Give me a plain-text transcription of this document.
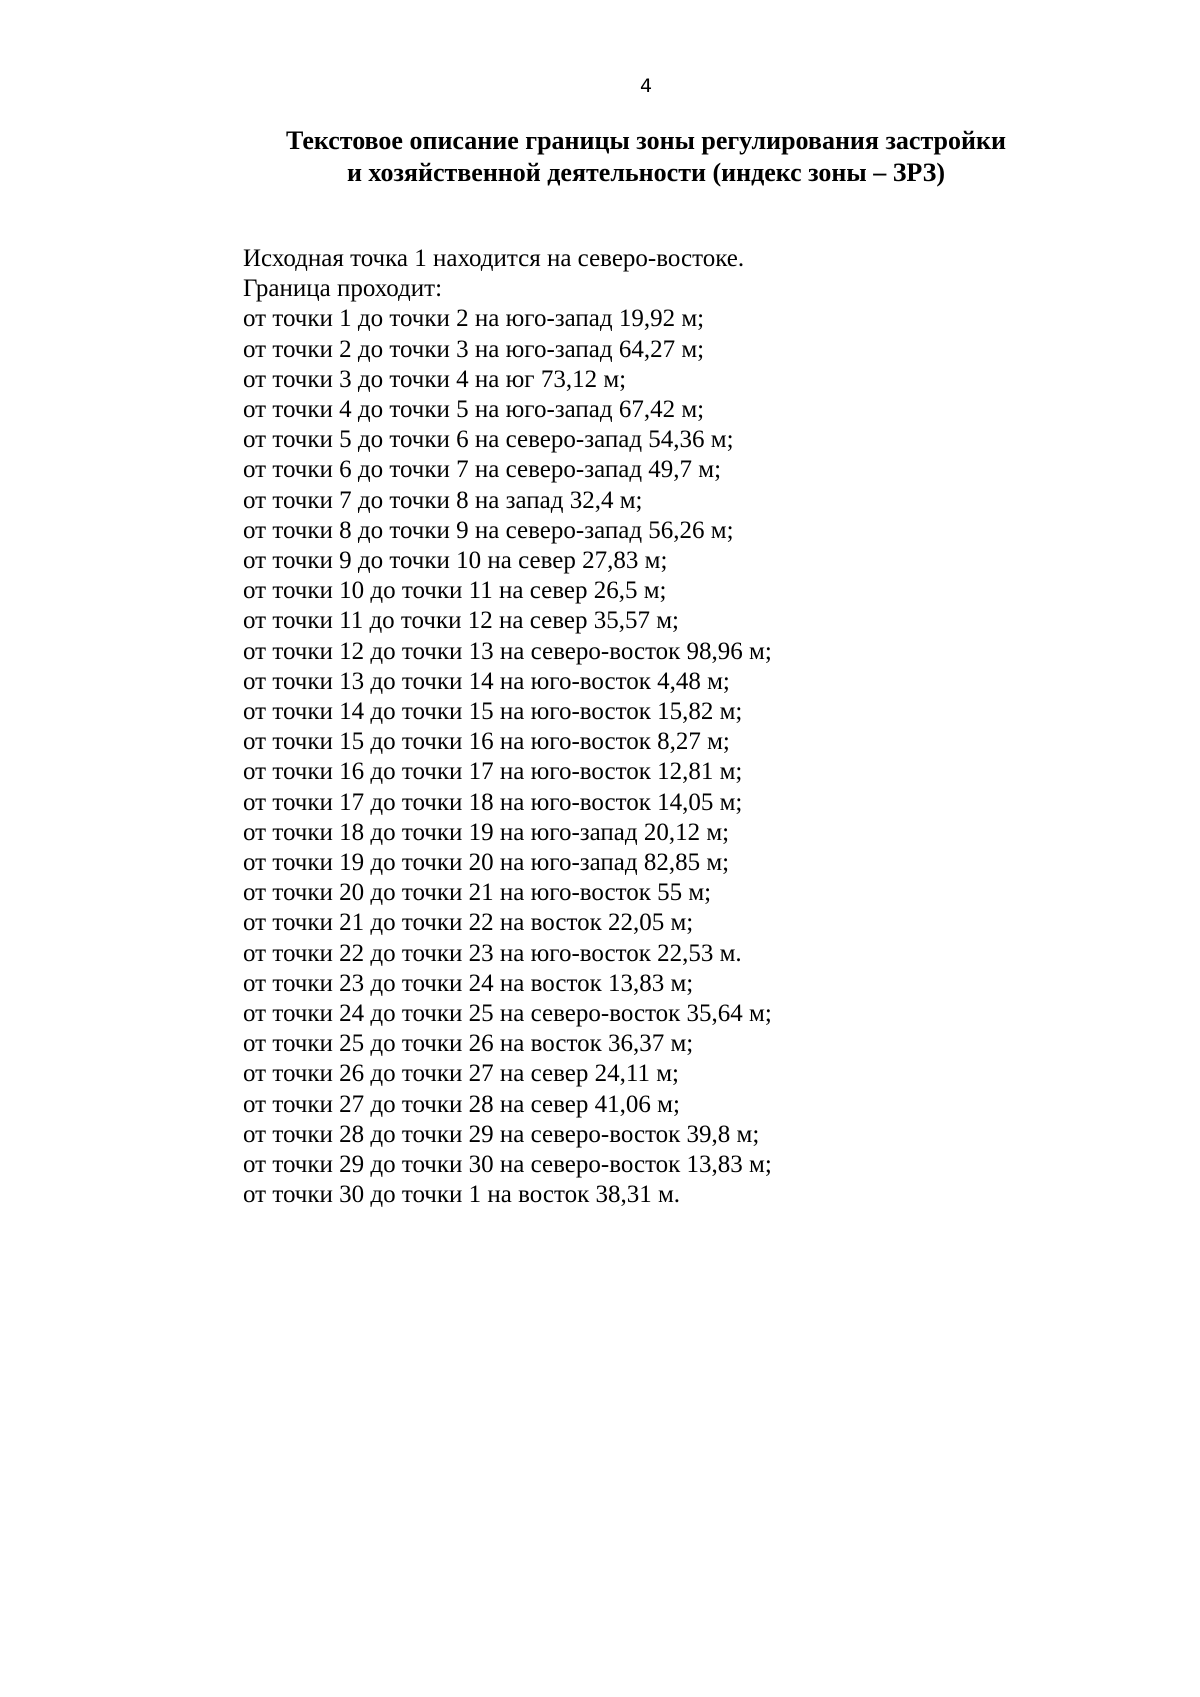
4
Текстовое описание границы зоны регулирования застройки
и хозяйственной деятельности (индекс зоны – ЗРЗ)
Исходная точка 1 находится на северо-востоке.
Граница проходит:
от точки 1 до точки 2 на юго-запад 19,92 м;
от точки 2 до точки 3 на юго-запад 64,27 м;
от точки 3 до точки 4 на юг 73,12 м;
от точки 4 до точки 5 на юго-запад 67,42 м;
от точки 5 до точки 6 на северо-запад 54,36 м;
от точки 6 до точки 7 на северо-запад 49,7 м;
от точки 7 до точки 8 на запад 32,4 м;
от точки 8 до точки 9 на северо-запад 56,26 м;
от точки 9 до точки 10 на север 27,83 м;
от точки 10 до точки 11 на север 26,5 м;
от точки 11 до точки 12 на север 35,57 м;
от точки 12 до точки 13 на северо-восток 98,96 м;
от точки 13 до точки 14 на юго-восток 4,48 м;
от точки 14 до точки 15 на юго-восток 15,82 м;
от точки 15 до точки 16 на юго-восток 8,27 м;
от точки 16 до точки 17 на юго-восток 12,81 м;
от точки 17 до точки 18 на юго-восток 14,05 м;
от точки 18 до точки 19 на юго-запад 20,12 м;
от точки 19 до точки 20 на юго-запад 82,85 м;
от точки 20 до точки 21 на юго-восток 55 м;
от точки 21 до точки 22 на восток 22,05 м;
от точки 22 до точки 23 на юго-восток 22,53 м.
от точки 23 до точки 24 на восток 13,83 м;
от точки 24 до точки 25 на северо-восток 35,64 м;
от точки 25 до точки 26 на восток 36,37 м;
от точки 26 до точки 27 на север 24,11 м;
от точки 27 до точки 28 на север 41,06 м;
от точки 28 до точки 29 на северо-восток 39,8 м;
от точки 29 до точки 30 на северо-восток 13,83 м;
от точки 30 до точки 1 на восток 38,31 м.
